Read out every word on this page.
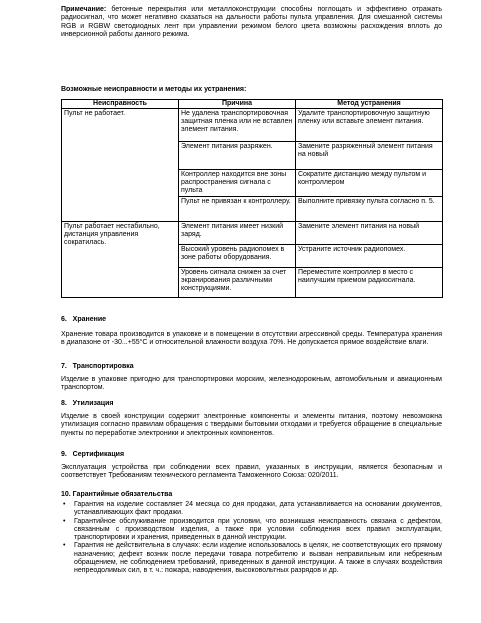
Примечание: бетонные перекрытия или металлоконструкции способны поглощать и эффективно отражать радиосигнал, что может негативно сказаться на дальности работы пульта управления. Для смешанной системы RGB и RGBW светодиодных лент при управлении режимом белого цвета возможны расхождения вплоть до инверсионной работы данного режима.

Возможные неисправности и методы их устранения:
Неисправность	Причина	Метод устранения
Пульт не работает.	Не удалена транспортировочная защитная пленка или не вставлен элемент питания.	Удалите транспортировочную защитную пленку или вставьте элемент питания.
	Элемент питания разряжен.	Замените разряженный элемент питания на новый
	Контроллер находится вне зоны распространения сигнала с пульта	Сократите дистанцию между пультом и контроллером
	Пульт не привязан к контроллеру.	Выполните привязку пульта согласно п. 5.
Пульт работает нестабильно, дистанция управления сократилась.	Элемент питания имеет низкий заряд.	Замените элемент питания на новый
	Высокий уровень радиопомех в зоне работы оборудования.	Устраните источник радиопомех.
	Уровень сигнала снижен за счет экранирования различными конструкциями.	Переместите контроллер в место с наилучшим приемом радиосигнала.
6.   Хранение

Хранение товара производится в упаковке и в помещении в отсутствии агрессивной среды. Температура хранения в диапазоне от -30...+55°С и относительной влажности воздуха 70%. Не допускается прямое воздействие влаги.

7.   Транспортировка

Изделие в упаковке пригодно для транспортировки морским, железнодорожным, автомобильным и авиационным транспортом.

8.   Утилизация

Изделие в своей конструкции содержит электронные компоненты и элементы питания, поэтому невозможна утилизация согласно правилам обращения с твердыми бытовыми отходами и требуется обращение в специальные пункты по переработке электроники и электронных компонентов.

9.   Сертификация

Эксплуатация устройства при соблюдении всех правил, указанных в инструкции, является безопасным и соответствует Требованиям технического регламента Таможенного Союза: 020/2011.

10. Гарантийные обязательства
• Гарантия на изделие составляет 24 месяца со дня продажи, дата устанавливается на основании документов, устанавливающих факт продажи.
• Гарантийное обслуживание производится при условии, что возникшая неисправность связана с дефектом, связанным с производством изделия, а также при условии соблюдения всех правил эксплуатации, транспортировки и хранения, приведенных в данной инструкции.
• Гарантия не действительна в случаях: если изделие использовалось в целях, не соответствующих его прямому назначению; дефект возник после передачи товара потребителю и вызван неправильным или небрежным обращением, не соблюдением требований, приведенных в данной инструкции. А также в случаях воздействия непреодолимых сил, в т. ч.: пожара, наводнения, высоковольтных разрядов и др.
